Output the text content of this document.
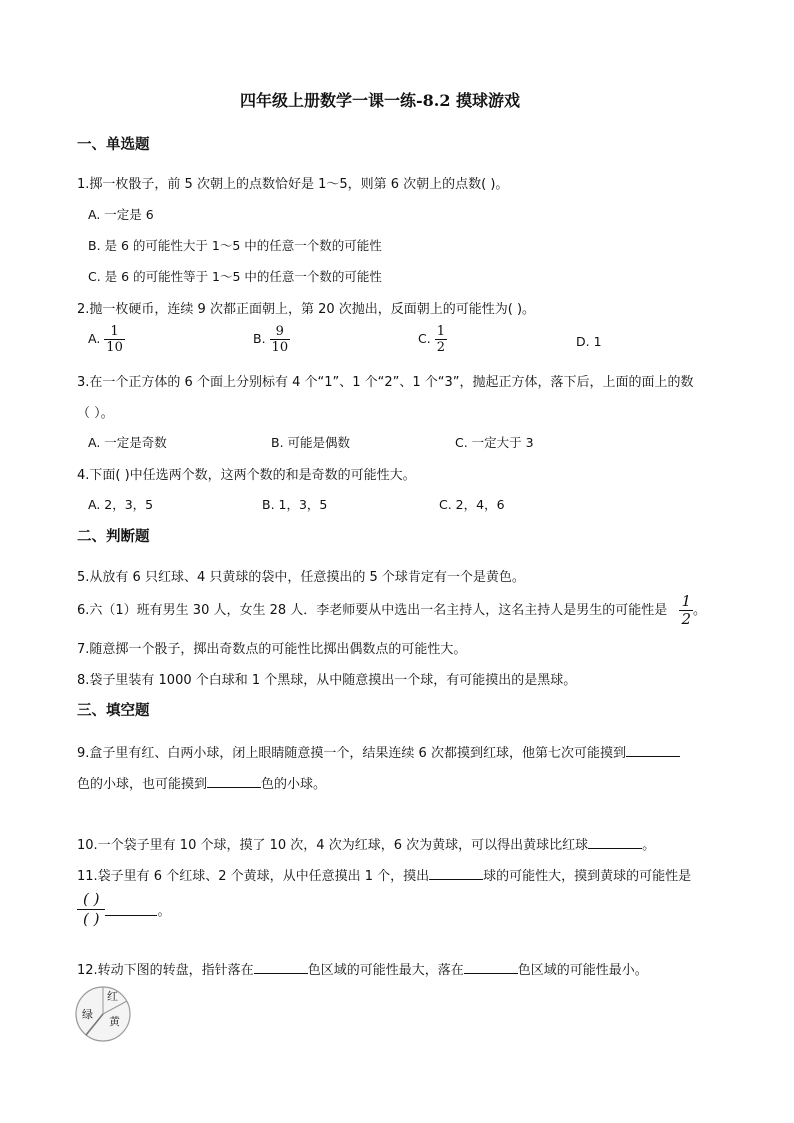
四年级上册数学一课一练-8.2 摸球游戏
一、单选题
1.掷一枚骰子，前 5 次朝上的点数恰好是 1～5，则第 6 次朝上的点数( )。
A. 一定是 6
B. 是 6 的可能性大于 1～5 中的任意一个数的可能性
C. 是 6 的可能性等于 1～5 中的任意一个数的可能性
2.抛一枚硬币，连续 9 次都正面朝上，第 20 次抛出，反面朝上的可能性为( )。
A. $\frac{1}{10}$	B. $\frac{9}{10}$	C. $\frac{1}{2}$	D. 1
3.在一个正方体的 6 个面上分别标有 4 个“1”、1 个“2”、1 个“3”，抛起正方体，落下后，上面的面上的数
（ ）。
A. 一定是奇数	B. 可能是偶数	C. 一定大于 3
4.下面( )中任选两个数，这两个数的和是奇数的可能性大。
A. 2，3，5	B. 1，3，5	C. 2，4，6
二、判断题
5.从放有 6 只红球、4 只黄球的袋中，任意摸出的 5 个球肯定有一个是黄色。
6.六（1）班有男生 30 人，女生 28 人．李老师要从中选出一名主持人，这名主持人是男生的可能性是 $\frac{1}{2}$ 。
7.随意掷一个骰子，掷出奇数点的可能性比掷出偶数点的可能性大。
8.袋子里装有 1000 个白球和 1 个黑球，从中随意摸出一个球，有可能摸出的是黑球。
三、填空题
9.盒子里有红、白两小球，闭上眼睛随意摸一个，结果连续 6 次都摸到红球，他第七次可能摸到
色的小球，也可能摸到	色的小球。
10.一个袋子里有 10 个球，摸了 10 次，4 次为红球，6 次为黄球，可以得出黄球比红球	。
11.袋子里有 6 个红球、2 个黄球，从中任意摸出 1 个，摸出	球的可能性大，摸到黄球的可能性是
$\frac{( )}{( )}$	。
12.转动下图的转盘，指针落在	色区域的可能性最大，落在	色区域的可能性最小。
红
黄
绿
